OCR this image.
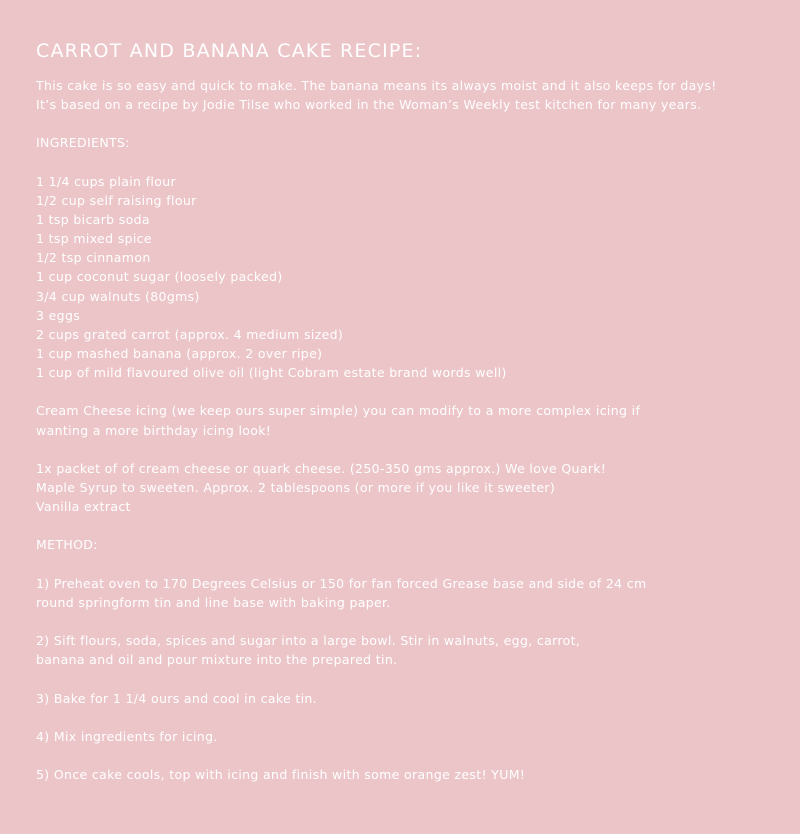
CARROT AND BANANA CAKE RECIPE:
This cake is so easy and quick to make. The banana means its always moist and it also keeps for days!
It’s based on a recipe by Jodie Tilse who worked in the Woman’s Weekly test kitchen for many years.
INGREDIENTS:
1 1/4 cups plain flour
1/2 cup self raising flour
1 tsp bicarb soda
1 tsp mixed spice
1/2 tsp cinnamon
1 cup coconut sugar (loosely packed)
3/4 cup walnuts (80gms)
3 eggs
2 cups grated carrot (approx. 4 medium sized)
1 cup mashed banana (approx. 2 over ripe)
1 cup of mild flavoured olive oil (light Cobram estate brand words well)
Cream Cheese icing (we keep ours super simple) you can modify to a more complex icing if
wanting a more birthday icing look!
1x packet of of cream cheese or quark cheese. (250-350 gms approx.) We love Quark!
Maple Syrup to sweeten. Approx. 2 tablespoons (or more if you like it sweeter)
Vanilla extract
METHOD:
1) Preheat oven to 170 Degrees Celsius or 150 for fan forced Grease base and side of 24 cm
round springform tin and line base with baking paper.
2) Sift flours, soda, spices and sugar into a large bowl. Stir in walnuts, egg, carrot,
banana and oil and pour mixture into the prepared tin.
3) Bake for 1 1/4 ours and cool in cake tin.
4) Mix ingredients for icing.
5) Once cake cools, top with icing and finish with some orange zest! YUM!
